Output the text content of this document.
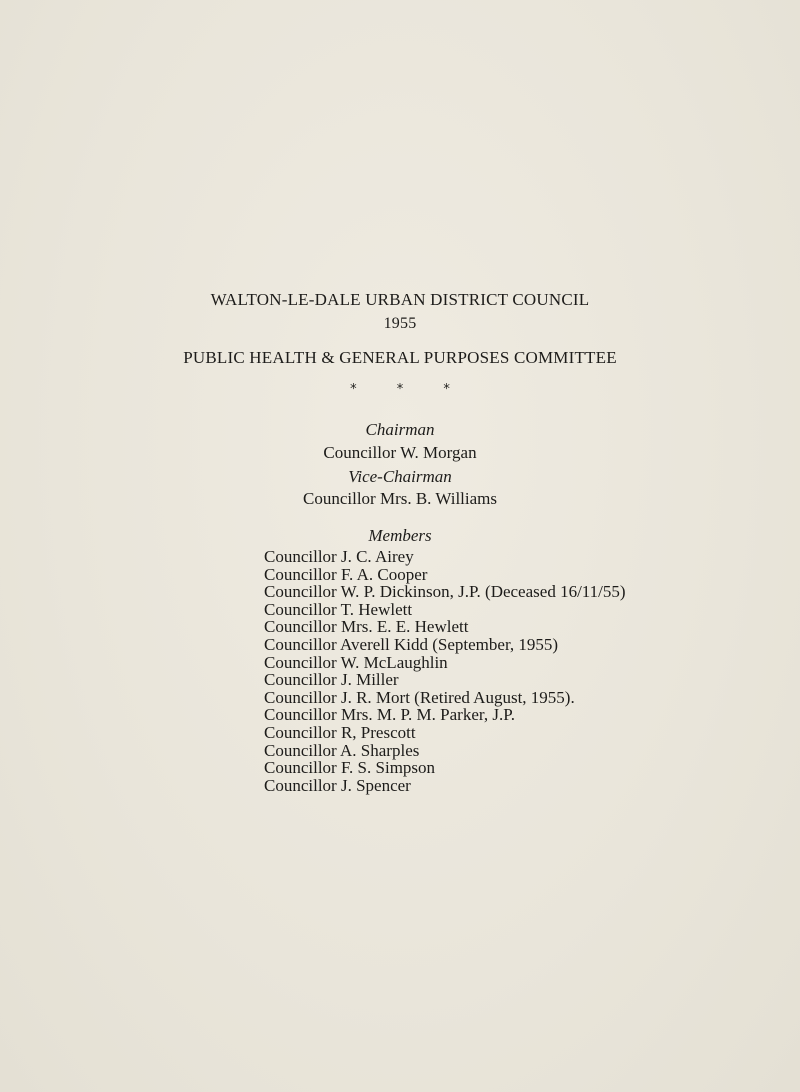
WALTON-LE-DALE URBAN DISTRICT COUNCIL
1955
PUBLIC HEALTH & GENERAL PURPOSES COMMITTEE
*	*	*
Chairman
Councillor W. Morgan
Vice-Chairman
Councillor Mrs. B. Williams
Members
Councillor J. C. Airey
Councillor F. A. Cooper
Councillor W. P. Dickinson, J.P. (Deceased 16/11/55)
Councillor T. Hewlett
Councillor Mrs. E. E. Hewlett
Councillor Averell Kidd (September, 1955)
Councillor W. McLaughlin
Councillor J. Miller
Councillor J. R. Mort (Retired August, 1955).
Councillor Mrs. M. P. M. Parker, J.P.
Councillor R, Prescott
Councillor A. Sharples
Councillor F. S. Simpson
Councillor J. Spencer
